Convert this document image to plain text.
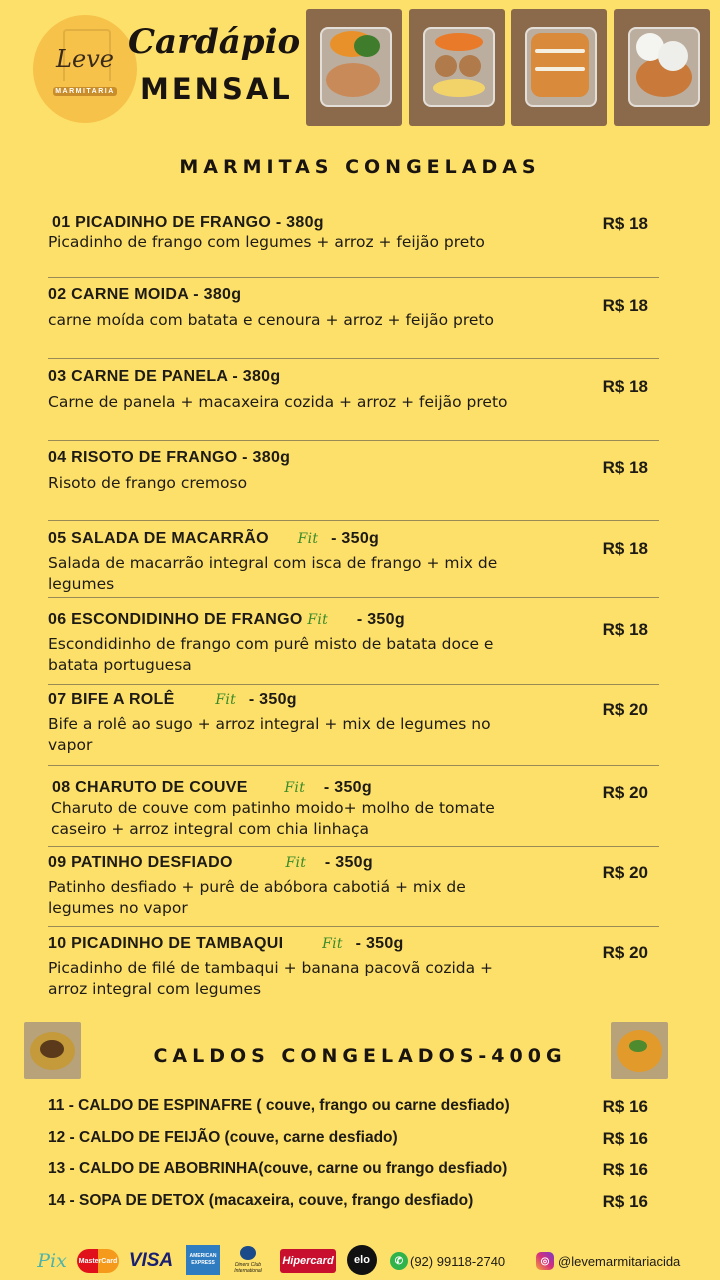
Leve
MARMITARIA
Cardápio
MENSAL
MARMITAS CONGELADAS
01 PICADINHO DE FRANGO - 380g
Picadinho de frango com legumes + arroz + feijão preto
R$ 18
02 CARNE MOIDA - 380g
carne moída com batata e cenoura + arroz + feijão preto
R$ 18
03 CARNE DE PANELA - 380g
Carne de panela + macaxeira cozida + arroz + feijão preto
R$ 18
04 RISOTO DE FRANGO - 380g
Risoto de frango cremoso
R$ 18
05 SALADA DE MACARRÃO Fit - 350g
Salada de macarrão integral com isca de frango + mix de legumes
R$ 18
06 ESCONDIDINHO DE FRANGO Fit - 350g
Escondidinho de frango com purê misto de batata doce e batata portuguesa
R$ 18
07 BIFE A ROLÊ	Fit - 350g
Bife a rolê ao sugo + arroz integral + mix de legumes no vapor
R$ 20
08 CHARUTO DE COUVE	Fit - 350g
Charuto de couve com patinho moido+ molho de tomate caseiro + arroz integral com chia linhaça
R$ 20
09 PATINHO DESFIADO	Fit - 350g
Patinho desfiado + purê de abóbora cabotiá + mix de legumes no vapor
R$ 20
10 PICADINHO DE TAMBAQUI	Fit - 350g
Picadinho de filé de tambaqui + banana pacovã cozida + arroz integral com legumes
R$ 20
CALDOS CONGELADOS-400G
11 - CALDO DE ESPINAFRE ( couve, frango ou carne desfiado)	R$ 16
12 - CALDO DE FEIJÃO (couve, carne desfiado)	R$ 16
13 - CALDO DE ABOBRINHA(couve, carne ou frango desfiado)	R$ 16
14 - SOPA DE DETOX (macaxeira, couve, frango desfiado)	R$ 16
Pix	MasterCard VISA	AMERICAN EXPRESS	Diners Club International
Hipercard	elo	✆ (92) 99118-2740	◎ @levemarmitariacida
